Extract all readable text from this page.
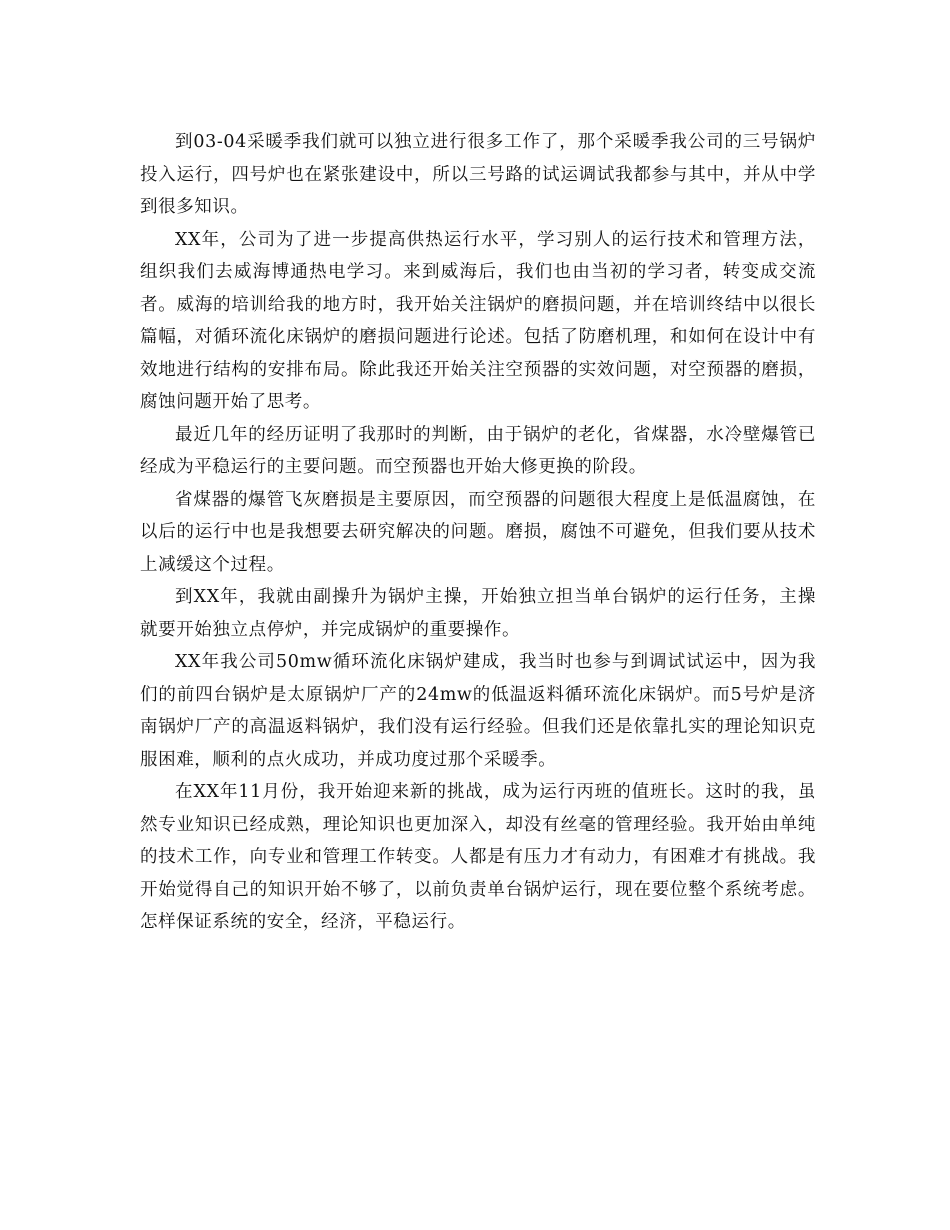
到03-04采暖季我们就可以独立进行很多工作了，那个采暖季我公司的三号锅炉投入运行，四号炉也在紧张建设中，所以三号路的试运调试我都参与其中，并从中学到很多知识。

XX年，公司为了进一步提高供热运行水平，学习别人的运行技术和管理方法，组织我们去威海博通热电学习。来到威海后，我们也由当初的学习者，转变成交流者。威海的培训给我的地方时，我开始关注锅炉的磨损问题，并在培训终结中以很长篇幅，对循环流化床锅炉的磨损问题进行论述。包括了防磨机理，和如何在设计中有效地进行结构的安排布局。除此我还开始关注空预器的实效问题，对空预器的磨损，腐蚀问题开始了思考。

最近几年的经历证明了我那时的判断，由于锅炉的老化，省煤器，水冷壁爆管已经成为平稳运行的主要问题。而空预器也开始大修更换的阶段。

省煤器的爆管飞灰磨损是主要原因，而空预器的问题很大程度上是低温腐蚀，在以后的运行中也是我想要去研究解决的问题。磨损，腐蚀不可避免，但我们要从技术上减缓这个过程。

到XX年，我就由副操升为锅炉主操，开始独立担当单台锅炉的运行任务，主操就要开始独立点停炉，并完成锅炉的重要操作。

XX年我公司50mw循环流化床锅炉建成，我当时也参与到调试试运中，因为我们的前四台锅炉是太原锅炉厂产的24mw的低温返料循环流化床锅炉。而5号炉是济南锅炉厂产的高温返料锅炉，我们没有运行经验。但我们还是依靠扎实的理论知识克服困难，顺利的点火成功，并成功度过那个采暖季。

在XX年11月份，我开始迎来新的挑战，成为运行丙班的值班长。这时的我，虽然专业知识已经成熟，理论知识也更加深入，却没有丝毫的管理经验。我开始由单纯的技术工作，向专业和管理工作转变。人都是有压力才有动力，有困难才有挑战。我开始觉得自己的知识开始不够了，以前负责单台锅炉运行，现在要位整个系统考虑。怎样保证系统的安全，经济，平稳运行。
